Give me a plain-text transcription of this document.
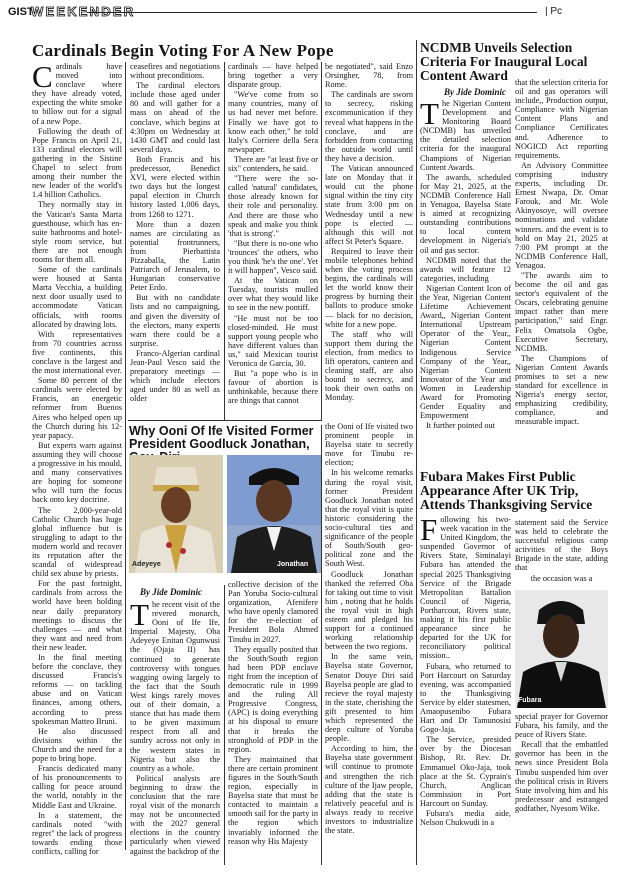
GIST
WEEKENDER	| Pc
Cardinals Begin Voting For A New Pope
C ardinals have moved into conclave where they have already voted, expecting the white smoke to billow out for a signal of a new Pope.

Following the death of Pope Francis on April 21, 133 cardinal electors will gathering in the Sistine Chapel to select from among their number the new leader of the world's 1.4 billion Catholics.

They normally stay in the Vatican's Santa Marta guesthouse, which has en-suite bathrooms and hotel-style room service, but there are not enough rooms for them all.

Some of the cardinals were housed at Santa Marta Vecchia, a building next door usually used to accommodate Vatican officials, with rooms allocated by drawing lots.

With representatives from 70 countries across five continents, this conclave is the largest and the most international ever.

Some 80 percent of the cardinals were elected by Francis, an energetic reformer from Buenos Aires who helped open up the Church during his 12-year papacy.

But experts warn against assuming they will choose a progressive in his mould, and many conservatives are hoping for someone who will turn the focus back onto key doctrine.

The 2,000-year-old Catholic Church has huge global influence but is struggling to adapt to the modern world and recover its reputation after the scandal of widespread child sex abuse by priests.

For the past fortnight, cardinals from across the world have been holding near daily preparatory meetings to discuss the challenges — and what they want and need from their new leader.

In the final meeting before the conclave, they discussed Francis's reforms — on tackling abuse and on Vatican finances, among others, according to press spokesman Matteo Bruni.

He also discussed divisions within the Church and the need for a pope to bring hope.

Francis dedicated many of his pronouncements to calling for peace around the world, notably in the Middle East and Ukraine.

In a statement, the cardinals noted "with regret" the lack of progress towards ending those conflicts, calling for

ceasefires and negotiations without preconditions.

The cardinal electors include those aged under 80 and will gather for a mass on ahead of the conclave, which begins at 4:30pm on Wednesday at 1430 GMT and could last several days.

Both Francis and his predecessor, Benedict XVI, were elected within two days but the longest papal election in Church history lasted 1,006 days, from 1268 to 1271.

More than a dozen names are circulating as potential frontrunners, from Pierbattista Pizzaballa, the Latin Patriarch of Jerusalem, to Hungarian conservative Peter Erdo.

But with no candidate lists and no campaigning, and given the diversity of the electors, many experts warn there could be a surprise.

Franco-Algerian cardinal Jean-Paul Vesco said the preparatory meetings — which include electors aged under 80 as well as older

cardinals — have helped bring together a very disparate group.

"We've come from so many countries, many of us had never met before. Finally we have got to know each other," he told Italy's Corriere della Sera newspaper.

There are "at least five or six" contenders, he said.

"There were the so-called 'natural' candidates, those already known for their role and personality. And there are those who speak and make you think 'that is strong'."

"But there is no-one who 'trounces' the others, who you think 'he's the one'. Yet it will happen", Vesco said.

At the Vatican on Tuesday, tourists mulled over what they would like to see in the new pontiff.

"He must not be too closed-minded. He must support young people who have different values than us," said Mexican tourist Veronica de Garcia, 30.

But "a pope who is in favour of abortion is unthinkable, because there are things that cannot

be negotiated", said Enzo Orsingher, 78, from Rome.

The cardinals are sworn to secrecy, risking excommunication if they reveal what happens in the conclave, and are forbidden from contacting the outside world until they have a decision.

The Vatican announced late on Monday that it would cut the phone signal within the tiny city state from 3:00 pm on Wednesday until a new pope is elected — although this will not affect St Peter's Square.

Required to leave their mobile telephones behind when the voting process begins, the cardinals will let the world know their progress by burning their ballots to produce smoke — black for no decision, white for a new pope.

The staff who will support them during the election, from medics to lift operators, canteen and cleaning staff, are also bound to secrecy, and took their own oaths on Monday.

Why Ooni Of Ife Visited Former President Goodluck Jonathan,
Adeyeye	Jonathan
By Jide Dominic
T he recent visit of the revered monarch, Ooni of Ife Ife, Imperial Majesty, Oba Adeyeye Enitan Ogunwusi the (Ojaja II) has continued to generate controversy with tongues wagging owing largely to the fact that the South West kings rarely moves out of their domain, a stance that has made them to be given maximum respect from all and sundry across not only in the western states in Nigeria but also the country as a whole.

Political analysts are beginning to draw the conclusion that the rare royal visit of the monarch may not be unconnected with the 2027 general elections in the country particularly when viewed against the backdrop of the

collective decision of the Pan Yoruba Socio-cultural organization, Afenifere who have openly clamored for the re-election of President Bola Ahmed Tinubu in 2027.

They equally posited that the South/South region had been PDP enclave right from the inception of democratic rule in 1999 and the ruling All Progressive Congress, (APC) is doing everything at his disposal to ensure that it breaks the stronghold of PDP in the region.

They maintained that there are certain prominent figures in the South/South region, especially in Bayelsa state that must be contacted to maintain a smooth sail for the party in the region which invariably informed the reason why His Majesty

the Ooni of Ife visited two prominent people in Bayelsa state to secretly move for Tinubu re-election;

In his welcome remarks during the royal visit, former President Goodluck Jonathan noted that the royal visit is quite historic considering the socio-cultural ties and significance of the people of South/South geo-political zone and the South West.

Goodluck Jonathan thanked the referred Oba for taking out time to visit him , noting that he holds the royal visit in high esteem and pledged his support for a continued working relationship between the two regions.

In the same vein, Bayelsa state Governor, Senator Douye Diri said Bayelsa people are glad to recieve the royal majesty in the state, cherishing the gift presented to him which represented the deep culture of Yoruba people.

According to him, the Bayelsa state government will continue to promote and strengthen the rich culture of the Ijaw people, adding that the state is relatively peaceful and is always ready to receive investors to industrialize the state.

NCDMB Unveils Selection Criteria For Inaugural Local Content Award
By Jide Dominic
T he Nigerian Content Development and Monitoring Board (NCDMB) has unveiled the detailed selection criteria for the inaugural Champions of Nigerian Content Awards.

The awards, scheduled for May 21, 2025, at the NCDMB Conference Hall in Yenagoa, Bayelsa State is aimed at recognizing outstanding contributions to local content development in Nigeria's oil and gas sector.

NCDMB noted that the awards will feature 12 categories, including

Nigerian Content Icon of the Year, Nigerian Content Lifetime Achievement Award,, Nigerian Content International Upstream Operator of the Year,, Nigerian Content Indigenous Service Company of the Year,, Nigerian Content Innovator of the Year and Women in Leadership Award for Promoting Gender Equality and Empowerment

It further pointed out

that the selection criteria for oil and gas operators will include,, Production output, Compliance with Nigerian Content Plans and Compliance Certificates and. Adherence to NOGICD Act reporting requirements.

An Advisory Committee comprising industry experts, including Dr. Ernest Nwapa, Dr. Omar Farouk, and Mr. Wole Akinyosoye, will oversee nominations and validate winners. and the event is to hold on May 21, 2025 at 7:00 PM prompt at the NCDMB Conference Hall, Yenagoa.

"The awards aim to become the oil and gas sector's equivalent of the Oscars, celebrating genuine impact rather than mere participation," said Engr. Felix Omatsola Ogbe, Executive Secretary, NCDMB.

The Champions of Nigerian Content Awards promises to set a new standard for excellence in Nigeria's energy sector, emphasizing credibility, compliance, and measurable impact.

Fubara Makes First Public Appearance After UK Trip, Attends Thanksgiving Service
F ollowing his two-week vacation in the United Kingdom, the suspended Governor of Rivers State, Siminalayi Fubara has attended the special 2025 Thanksgiving Service of the Brigade Metropolitan Battalion Council of Nigeria, Portharcout, Rivers state, making it his first public appearance since he departed for the UK for reconciliatory political mission..

Fubara, who returned to Port Harcourt on Saturday evening, was accompanied to the Thanksgiving Service by elder statesmen, Amaopusenibo Fubara Hart and Dr Tamunosisi Gogo-Jaja.

The Service, presided over by the Diocesan Bishop, Rt. Rev. Dr. Emmanuel Oko-Jaja, took place at the St. Cyprain's Church, Anglican Commission in Port Harcourt on Sunday.

Fubara's media aide, Nelson Chukwudi in a

statement said the Service was held to celebrate the successful religious camp activities of the Boys Brigade in the state, adding that

the occasion was a

Fubara

special prayer for Governor Fubara, his family, and the peace of Rivers State.

Recall that the embattled governor has been in the news since President Bola Tinubu suspended him over the political crisis in Rivers State involving him and his predecessor and estranged godfather, Nyesom Wike.
